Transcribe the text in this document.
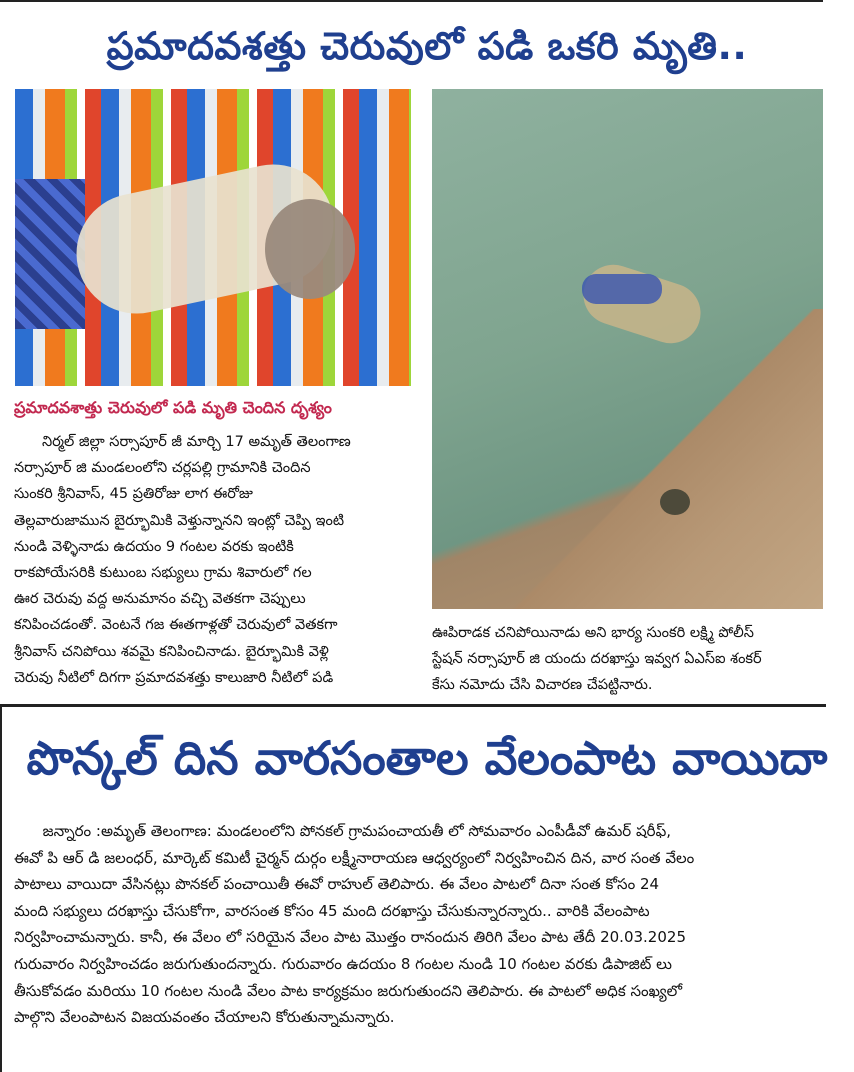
ప్రమాదవశత్తు చెరువులో పడి ఒకరి మృతి..
ప్రమాదవశాత్తు చెరువులో పడి మృతి చెందిన దృశ్యం
నిర్మల్ జిల్లా సర్సాపూర్ జీ మార్చి 17 అమృత్ తెలంగాణ
నర్సాపూర్ జి మండలంలోని చర్లపల్లి గ్రామానికి చెందిన
సుంకరి శ్రీనివాస్, 45 ప్రతిరోజు లాగ ఈరోజు
తెల్లవారుజామున బైర్భూమికి వెళ్తున్నానని ఇంట్లో చెప్పి ఇంటి
నుండి వెళ్ళినాడు ఉదయం 9 గంటల వరకు ఇంటికి
రాకపోయేసరికి కుటుంబ సభ్యులు గ్రామ శివారులో గల
ఊర చెరువు వద్ద అనుమానం వచ్చి వెతకగా చెప్పులు
కనిపించడంతో. వెంటనే గజ ఈతగాళ్లతో చెరువులో వెతకగా
శ్రీనివాస్ చనిపోయి శవమై కనిపించినాడు. బైర్భూమికి వెళ్లి
చెరువు నీటిలో దిగగా ప్రమాదవశత్తు కాలుజారి నీటిలో పడి
ఊపిరాడక చనిపోయినాడు అని భార్య సుంకరి లక్ష్మి పోలీస్
స్టేషన్ నర్సాపూర్ జి యందు దరఖాస్తు ఇవ్వగ ఏఎస్ఐ శంకర్
కేసు నమోదు చేసి విచారణ చేపట్టినారు.
పొన్కల్ దిన వారసంతాల వేలంపాట వాయిదా
జన్నారం :అమృత్ తెలంగాణ: మండలంలోని పోనకల్ గ్రామపంచాయతీ లో సోమవారం ఎంపీడీవో ఉమర్ షరీఫ్,
ఈవో పి ఆర్ డి జలంధర్, మార్కెట్ కమిటీ చైర్మన్ దుర్గం లక్ష్మీనారాయణ ఆధ్వర్యంలో నిర్వహించిన దిన, వార సంత వేలం
పాటాలు వాయిదా వేసినట్లు పొనకల్ పంచాయితీ ఈవో రాహుల్ తెలిపారు. ఈ వేలం పాటలో దినా సంత కోసం 24
మంది సభ్యులు దరఖాస్తు చేసుకోగా, వారసంత కోసం 45 మంది దరఖాస్తు చేసుకున్నారన్నారు.. వారికి వేలంపాట
నిర్వహించామన్నారు. కానీ, ఈ వేలం లో సరియైన వేలం పాట మొత్తం రానందున తిరిగి వేలం పాట తేదీ 20.03.2025
గురువారం నిర్వహించడం జరుగుతుందన్నారు. గురువారం ఉదయం 8 గంటల నుండి 10 గంటల వరకు డిపాజిట్ లు
తీసుకోవడం మరియు 10 గంటల నుండి వేలం పాట కార్యక్రమం జరుగుతుందని తెలిపారు. ఈ పాటలో అధిక సంఖ్యలో
పాల్గొని వేలంపాటన విజయవంతం చేయాలని కోరుతున్నామన్నారు.
